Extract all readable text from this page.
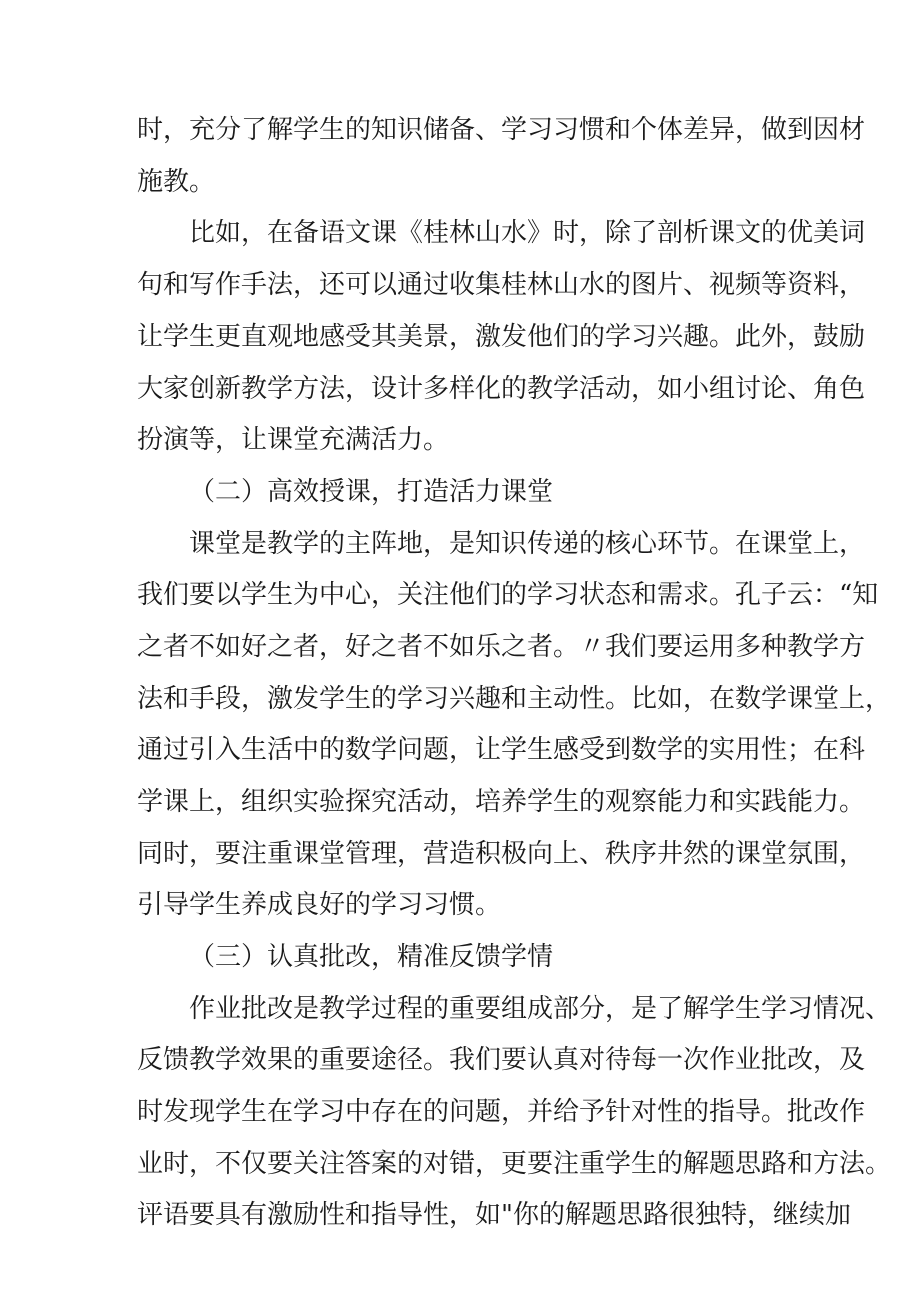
时，充分了解学生的知识储备、学习习惯和个体差异，做到因材
施教。
比如，在备语文课《桂林山水》时，除了剖析课文的优美词
句和写作手法，还可以通过收集桂林山水的图片、视频等资料，
让学生更直观地感受其美景，激发他们的学习兴趣。此外，鼓励
大家创新教学方法，设计多样化的教学活动，如小组讨论、角色
扮演等，让课堂充满活力。
（二）高效授课，打造活力课堂
课堂是教学的主阵地，是知识传递的核心环节。在课堂上，
我们要以学生为中心，关注他们的学习状态和需求。孔子云：“知
之者不如好之者，好之者不如乐之者。〃我们要运用多种教学方
法和手段，激发学生的学习兴趣和主动性。比如，在数学课堂上，
通过引入生活中的数学问题，让学生感受到数学的实用性；在科
学课上，组织实验探究活动，培养学生的观察能力和实践能力。
同时，要注重课堂管理，营造积极向上、秩序井然的课堂氛围，
引导学生养成良好的学习习惯。
（三）认真批改，精准反馈学情
作业批改是教学过程的重要组成部分，是了解学生学习情况、
反馈教学效果的重要途径。我们要认真对待每一次作业批改，及
时发现学生在学习中存在的问题，并给予针对性的指导。批改作
业时，不仅要关注答案的对错，更要注重学生的解题思路和方法。
评语要具有激励性和指导性，如"你的解题思路很独特，继续加
